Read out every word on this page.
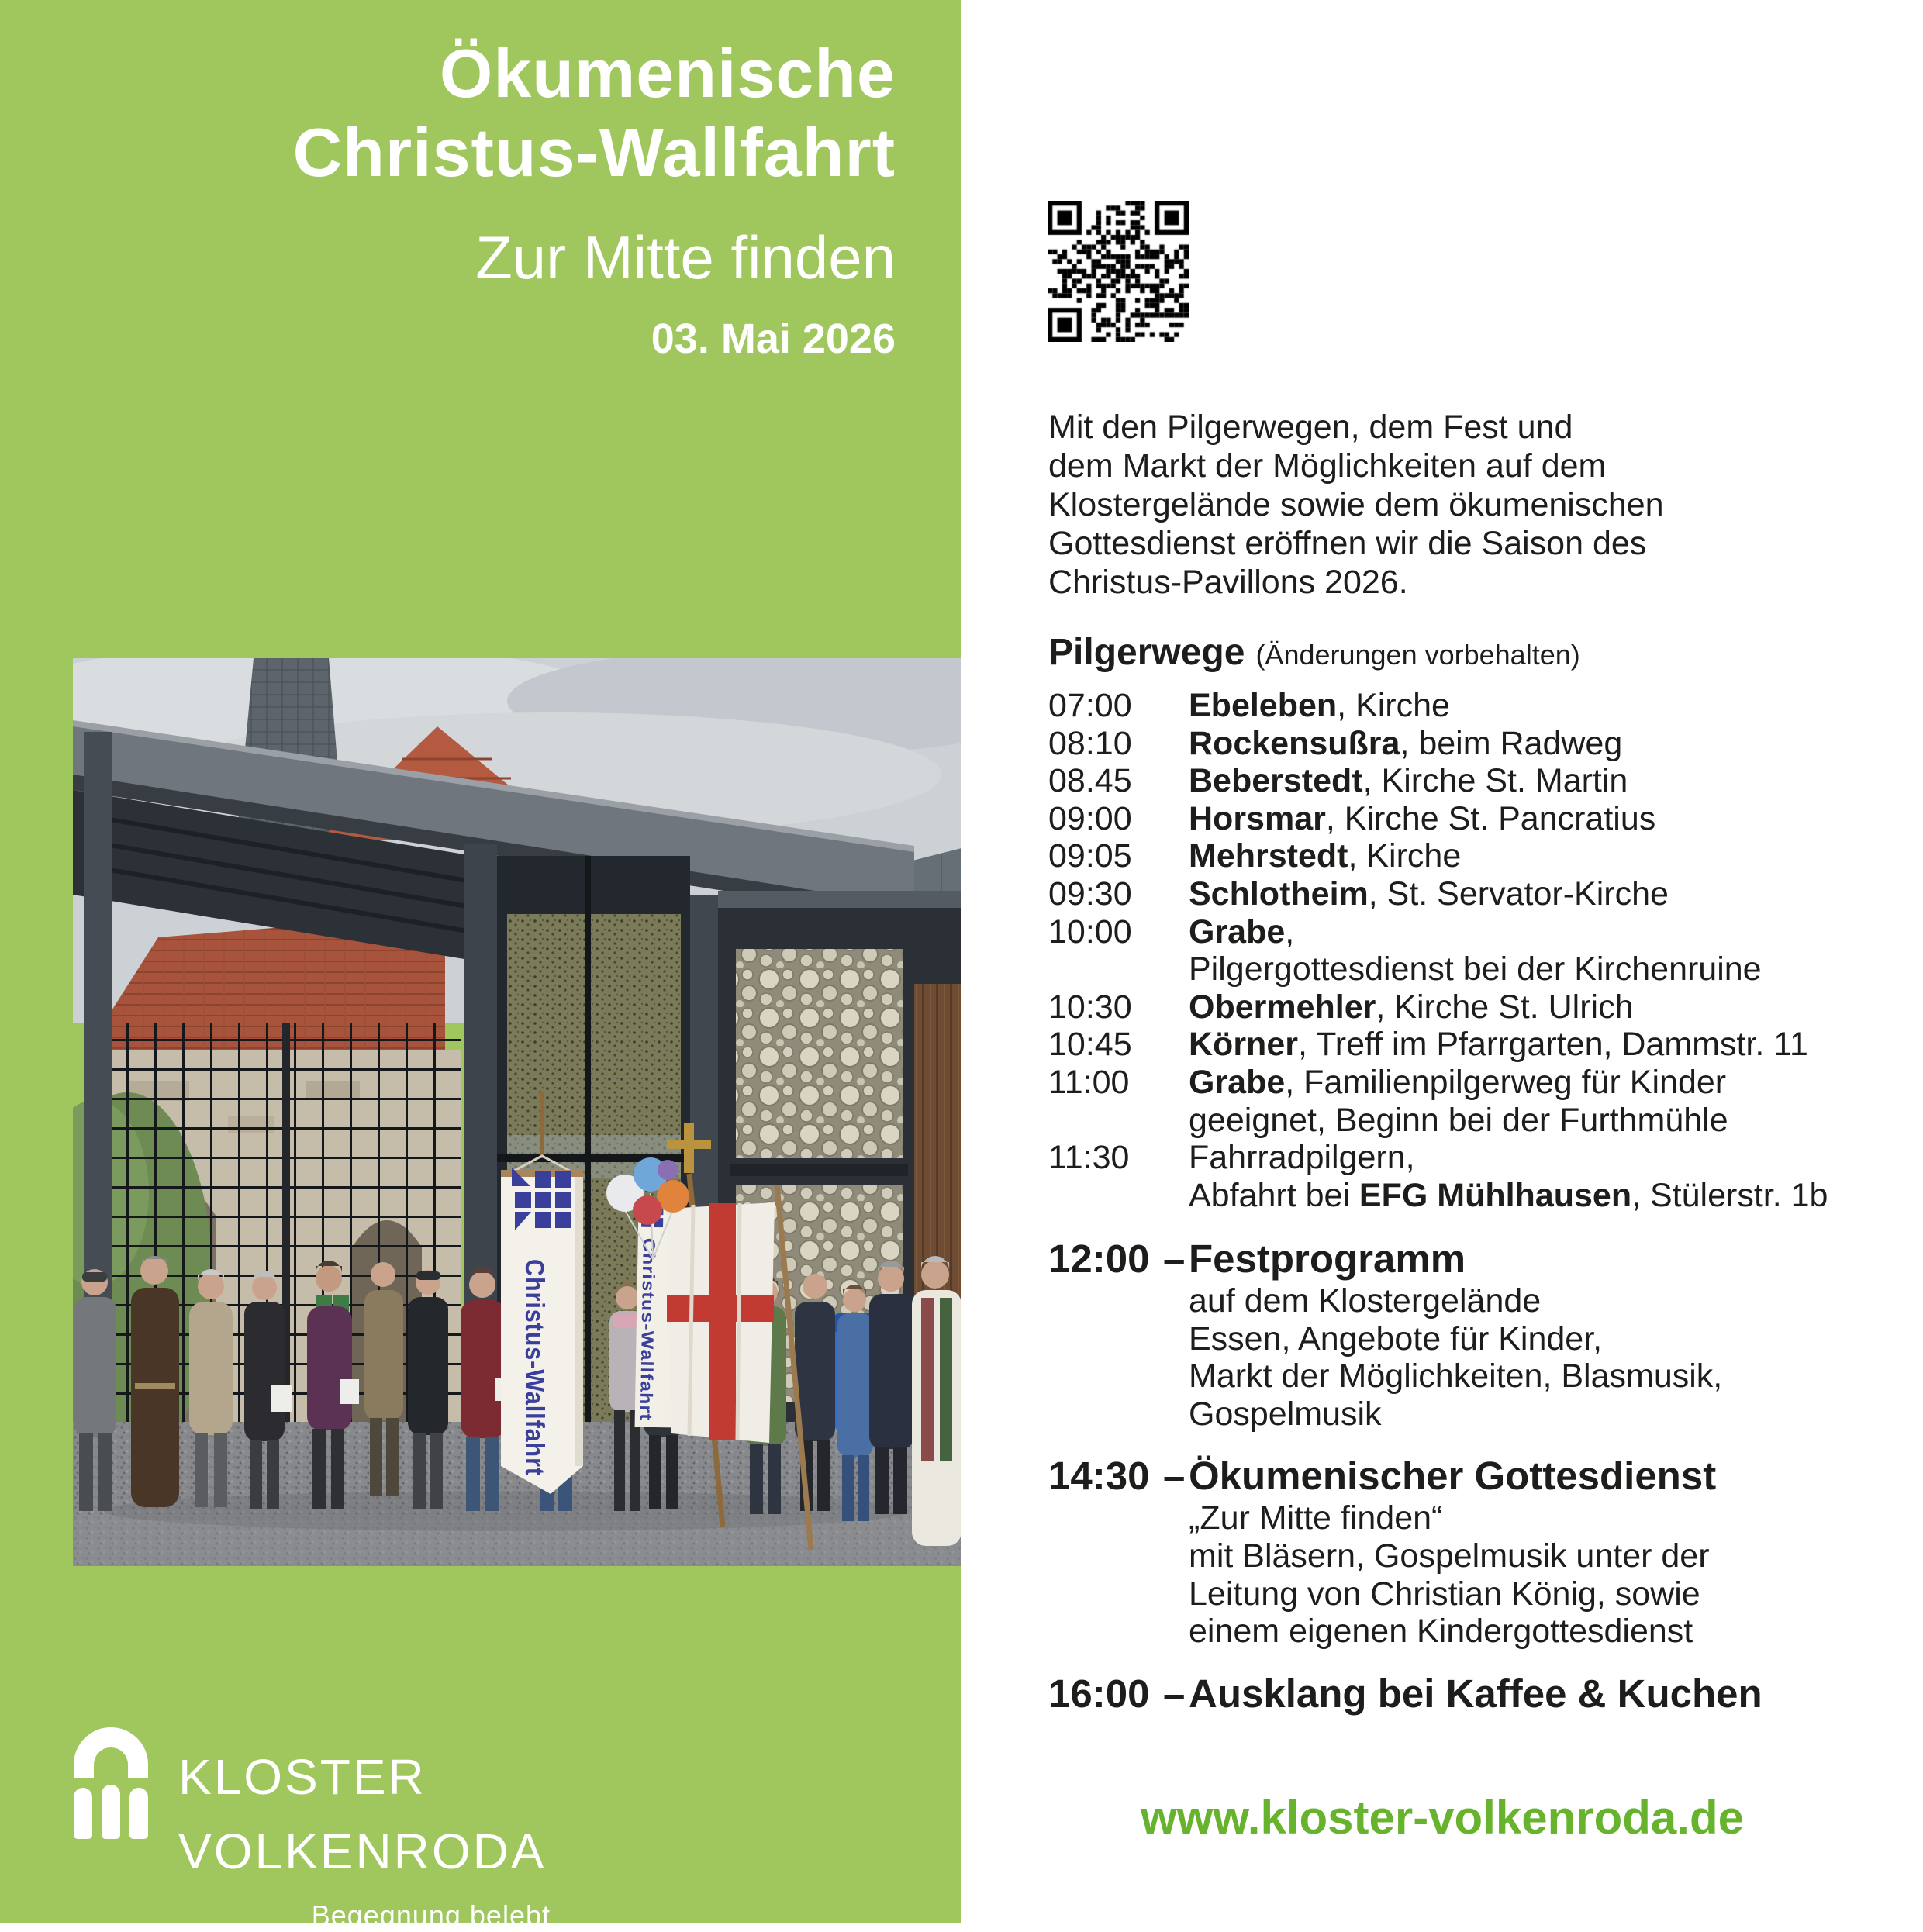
Ökumenische
Christus-Wallfahrt
Zur Mitte finden
03. Mai 2026
Christus-Wallfahrt
Christus-Wallfahrt
KLOSTER
VOLKENRODA
Begegnung belebt
Mit den Pilgerwegen, dem Fest und
dem Markt der Möglichkeiten auf dem
Klostergelände sowie dem ökumenischen
Gottesdienst eröffnen wir die Saison des
Christus-Pavillons 2026.
Pilgerwege (Änderungen vorbehalten)
07:00	Ebeleben, Kirche
08:10	Rockensußra, beim Radweg
08.45	Beberstedt, Kirche St. Martin
09:00	Horsmar, Kirche St. Pancratius
09:05	Mehrstedt, Kirche
09:30	Schlotheim, St. Servator-Kirche
10:00	Grabe,
Pilgergottesdienst bei der Kirchenruine
10:30	Obermehler, Kirche St. Ulrich
10:45	Körner, Treff im Pfarrgarten, Dammstr. 11
11:00	Grabe, Familienpilgerweg für Kinder
geeignet, Beginn bei der Furthmühle
11:30	Fahrradpilgern,
Abfahrt bei EFG Mühlhausen, Stülerstr. 1b
12:00 – Festprogramm
auf dem Klostergelände
Essen, Angebote für Kinder,
Markt der Möglichkeiten, Blasmusik,
Gospelmusik
14:30 – Ökumenischer Gottesdienst
„Zur Mitte finden“
mit Bläsern, Gospelmusik unter der
Leitung von Christian König, sowie
einem eigenen Kindergottesdienst
16:00 – Ausklang bei Kaffee & Kuchen
www.kloster-volkenroda.de
